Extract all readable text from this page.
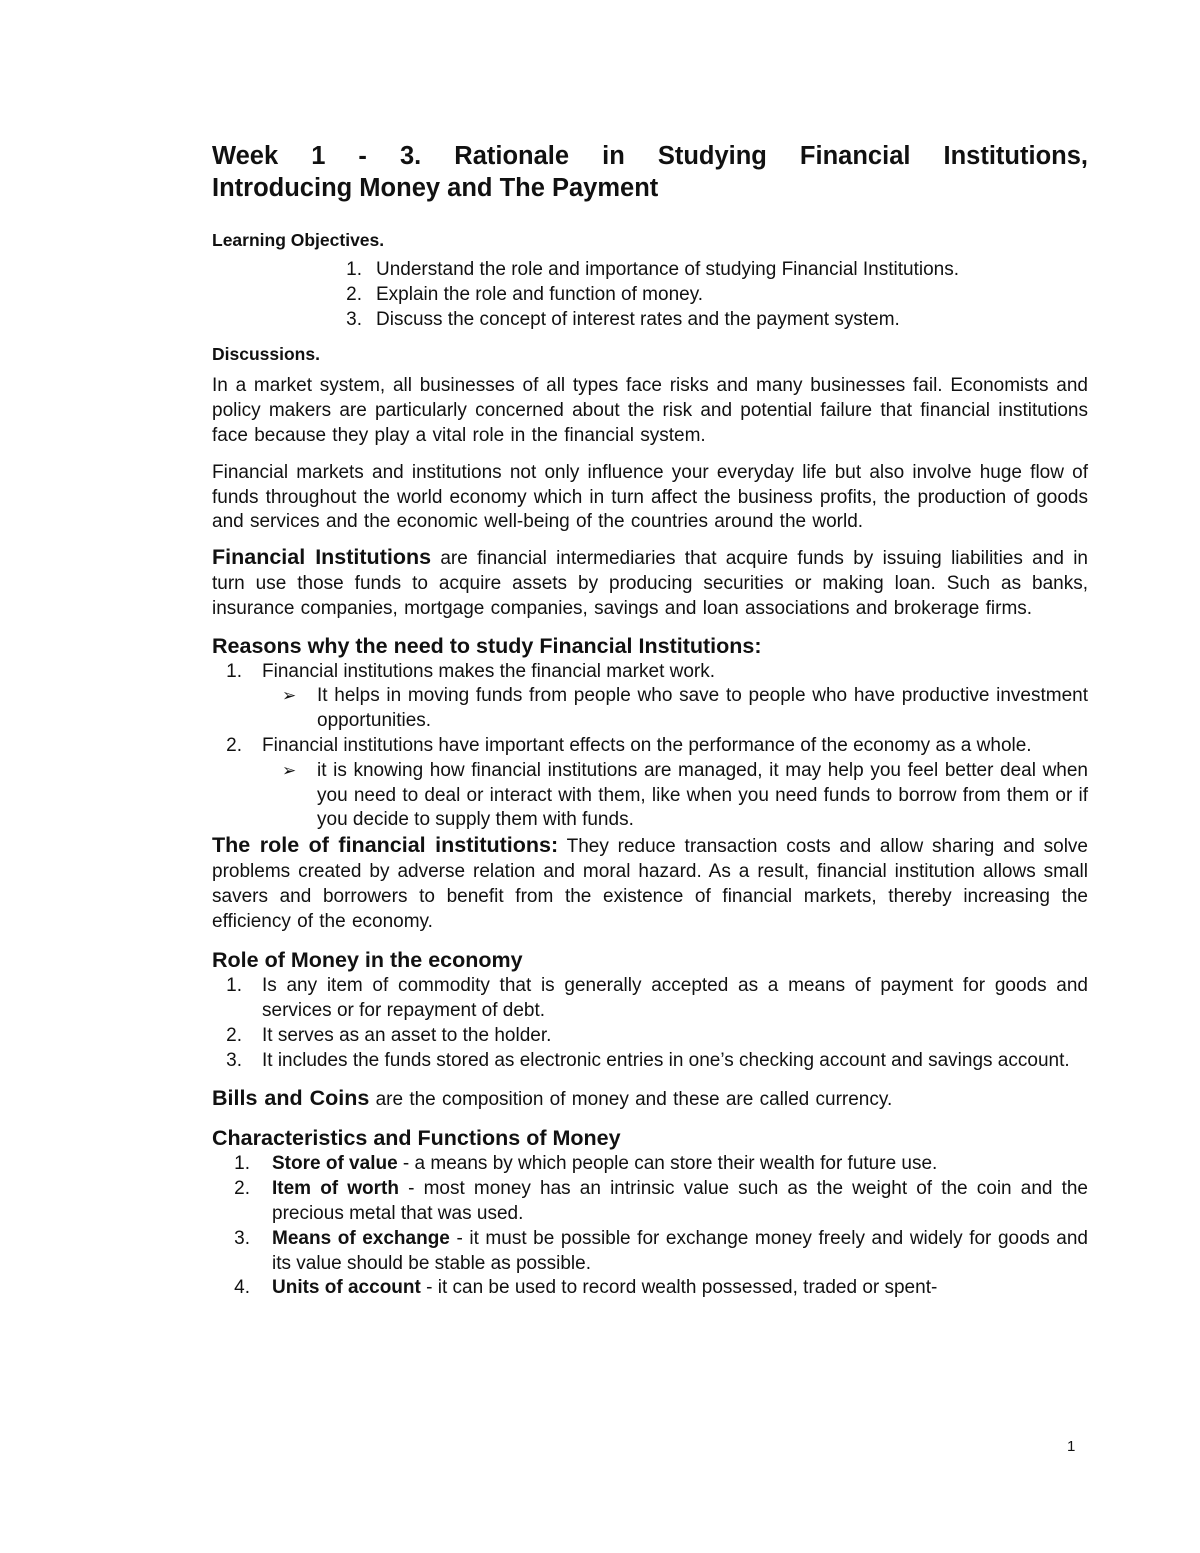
Week 1 - 3. Rationale in Studying Financial Institutions,
Introducing Money and The Payment
Learning Objectives.
1. Understand the role and importance of studying Financial Institutions.
2. Explain the role and function of money.
3. Discuss the concept of interest rates and the payment system.
Discussions.

In a market system, all businesses of all types face risks and many businesses fail. Economists and policy makers are particularly concerned about the risk and potential failure that financial institutions face because they play a vital role in the financial system.

Financial markets and institutions not only influence your everyday life but also involve huge flow of funds throughout the world economy which in turn affect the business profits, the production of goods and services and the economic well-being of the countries around the world.

Financial Institutions are financial intermediaries that acquire funds by issuing liabilities and in turn use those funds to acquire assets by producing securities or making loan. Such as banks, insurance companies, mortgage companies, savings and loan associations and brokerage firms.

Reasons why the need to study Financial Institutions:
1.	Financial institutions makes the financial market work.
➢	It helps in moving funds from people who save to people who have productive investment opportunities.
2.	Financial institutions have important effects on the performance of the economy as a whole.
➢	it is knowing how financial institutions are managed, it may help you feel better deal when you need to deal or interact with them, like when you need funds to borrow from them or if you decide to supply them with funds.

The role of financial institutions: They reduce transaction costs and allow sharing and solve problems created by adverse relation and moral hazard. As a result, financial institution allows small savers and borrowers to benefit from the existence of financial markets, thereby increasing the efficiency of the economy.

Role of Money in the economy
1.	Is any item of commodity that is generally accepted as a means of payment for goods and services or for repayment of debt.
2.	It serves as an asset to the holder.
3.	It includes the funds stored as electronic entries in one’s checking account and savings account.

Bills and Coins are the composition of money and these are called currency.

Characteristics and Functions of Money
1.	Store of value - a means by which people can store their wealth for future use.
2.	Item of worth - most money has an intrinsic value such as the weight of the coin and the precious metal that was used.
3.	Means of exchange - it must be possible for exchange money freely and widely for goods and its value should be stable as possible.
4.	Units of account - it can be used to record wealth possessed, traded or spent-
1
